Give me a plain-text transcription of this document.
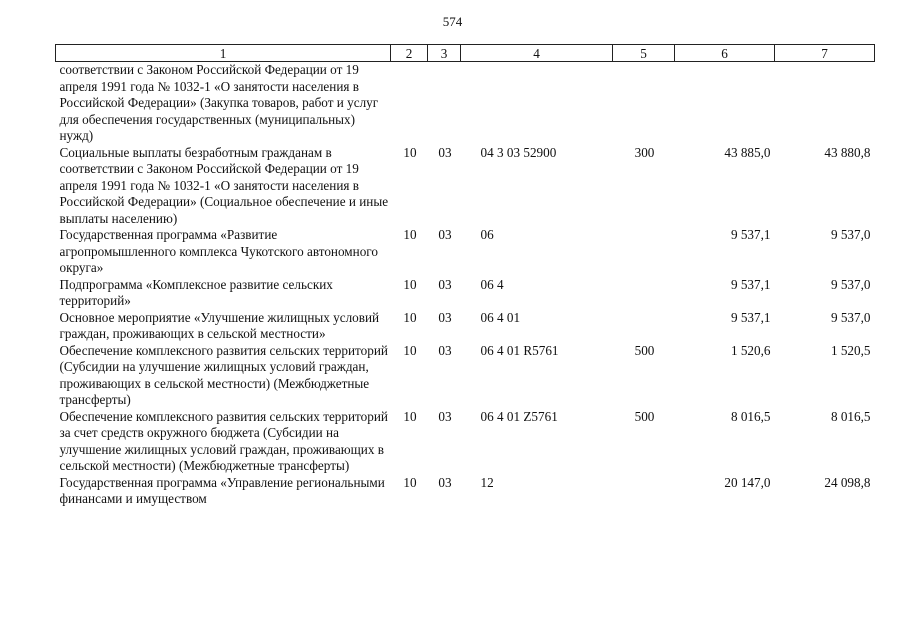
574
1	2	3	4	5	6	7
соответствии с Законом Российской Федерации от 19 апреля 1991 года № 1032-1 «О занятости населения в Российской Федерации» (Закупка товаров, работ и услуг для обеспечения государственных (муниципальных) нужд)						
Социальные выплаты безработным гражданам в соответствии с Законом Российской Федерации от 19 апреля 1991 года № 1032-1 «О занятости населения в Российской Федерации» (Социальное обеспечение и иные выплаты населению)	10	03	04 3 03 52900	300	43 885,0	43 880,8
Государственная программа «Развитие агропромышленного комплекса Чукотского автономного округа»	10	03	06		9 537,1	9 537,0
Подпрограмма «Комплексное развитие сельских территорий»	10	03	06 4		9 537,1	9 537,0
Основное мероприятие «Улучшение жилищных условий граждан, проживающих в сельской местности»	10	03	06 4 01		9 537,1	9 537,0
Обеспечение комплексного развития сельских территорий (Субсидии на улучшение жилищных условий граждан, проживающих в сельской местности) (Межбюджетные трансферты)	10	03	06 4 01 R5761	500	1 520,6	1 520,5
Обеспечение комплексного развития сельских территорий за счет средств окружного бюджета (Субсидии на улучшение жилищных условий граждан, проживающих в сельской местности) (Межбюджетные трансферты)	10	03	06 4 01 Z5761	500	8 016,5	8 016,5
Государственная программа «Управление региональными финансами и имуществом	10	03	12		20 147,0	24 098,8
